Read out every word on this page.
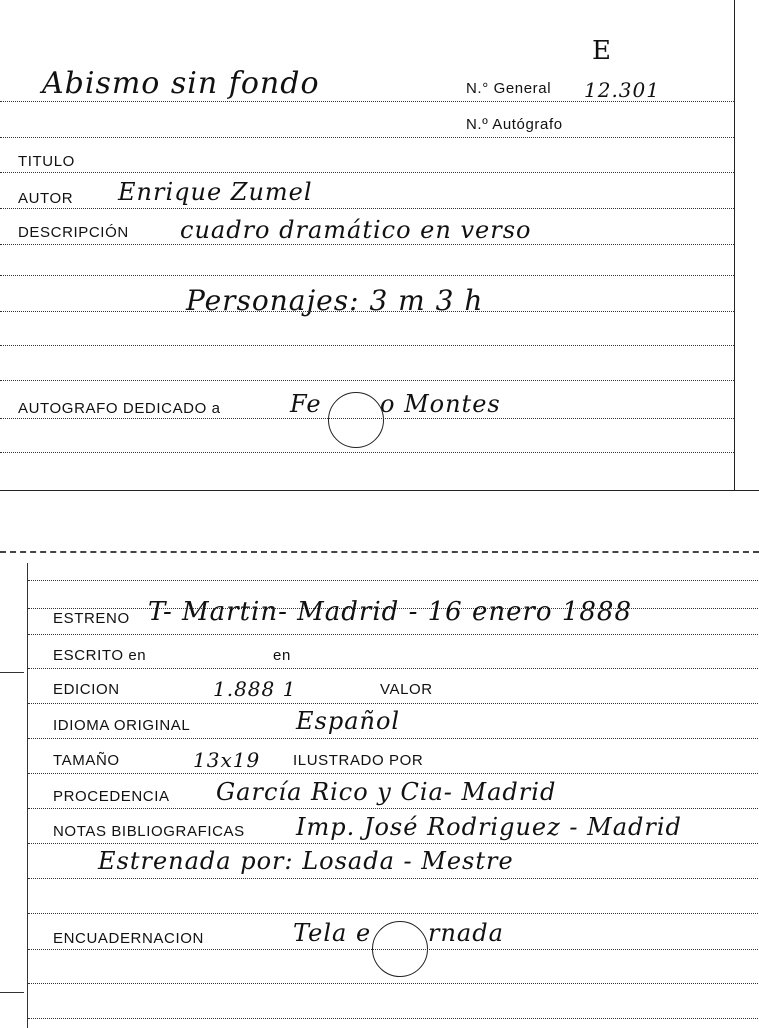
Abismo sin fondo
E
N.° General 12.301
N.º Autógrafo
TITULO
AUTOR Enrique Zumel
DESCRIPCIÓN cuadro dramático en verso
Personajes: 3 m 3 h
AUTOGRAFO DEDICADO a	Fe o Montes
ESTRENO T- Martin- Madrid - 16 enero 1888
ESCRITO en	en
EDICION	1.888 1	VALOR
IDIOMA ORIGINAL	Español
TAMAÑO	13x19 ILUSTRADO POR
PROCEDENCIA García Rico y Cia- Madrid
NOTAS BIBLIOGRAFICAS Imp. José Rodriguez - Madrid
Estrenada por: Losada - Mestre
ENCUADERNACION	Tela e rnada
